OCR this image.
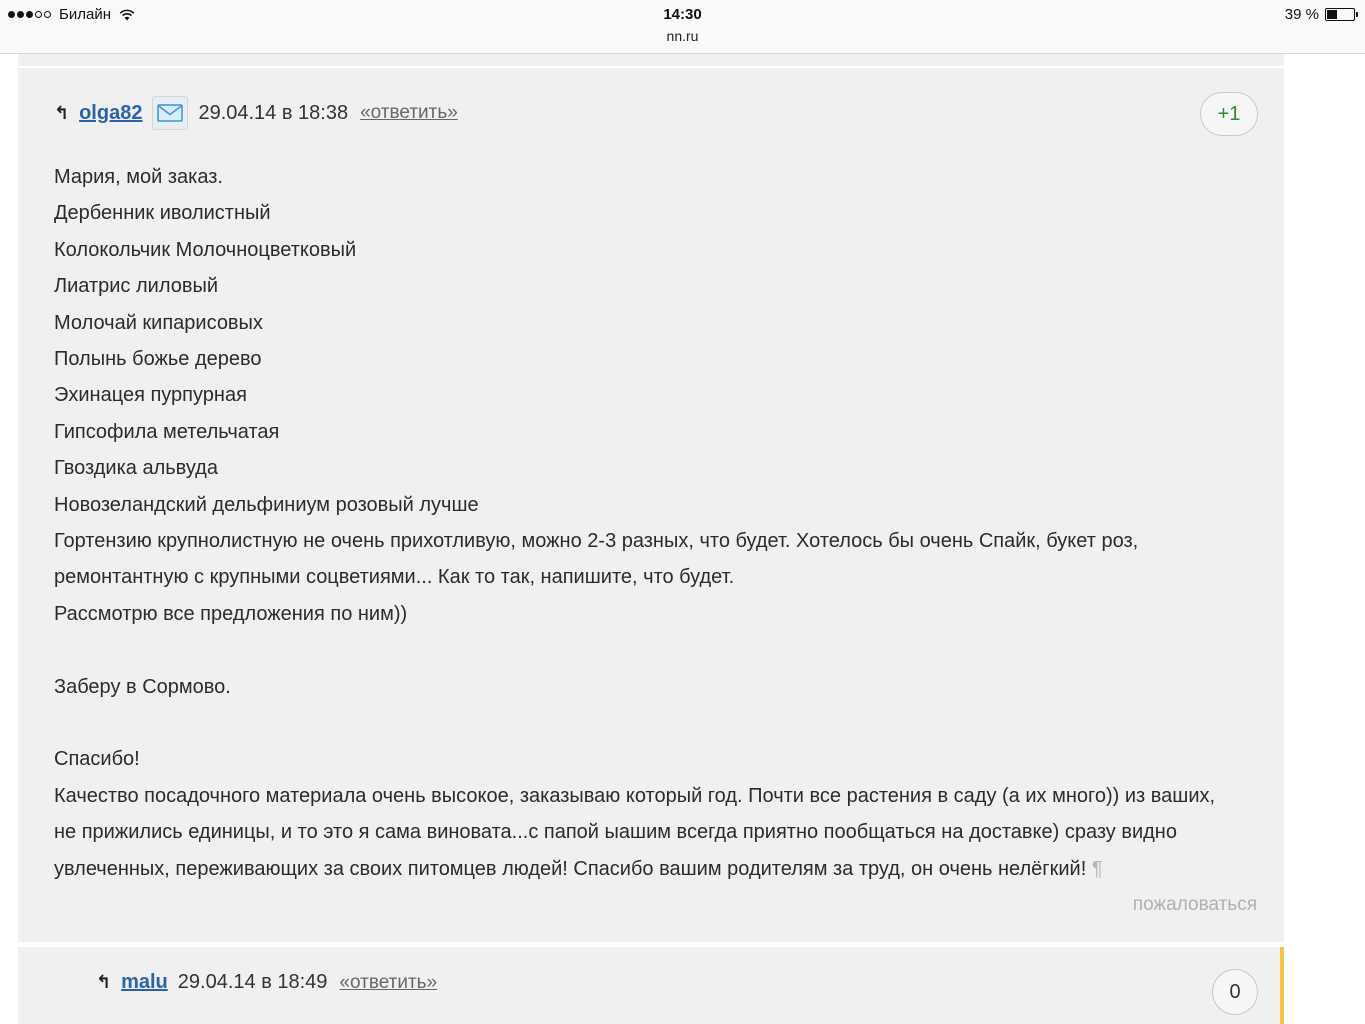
Билайн	14:30
nn.ru
39 %
↰ olga82	29.04.14 в 18:38 «ответить»	+1
Мария, мой заказ.
Дербенник иволистный
Колокольчик Молочноцветковый
Лиатрис лиловый
Молочай кипарисовых
Полынь божье дерево
Эхинацея пурпурная
Гипсофила метельчатая
Гвоздика альвуда
Новозеландский дельфиниум розовый лучше
Гортензию крупнолистную не очень прихотливую, можно 2-3 разных, что будет. Хотелось бы очень Спайк, букет роз,
ремонтантную с крупными соцветиями... Как то так, напишите, что будет.
Рассмотрю все предложения по ним))
Заберу в Сормово.
Спасибо!
Качество посадочного материала очень высокое, заказываю который год. Почти все растения в саду (а их много)) из ваших,
не прижились единицы, и то это я сама виновата...с папой ыашим всегда приятно пообщаться на доставке) сразу видно
увлеченных, переживающих за своих питомцев людей! Спасибо вашим родителям за труд, он очень нелёгкий! ¶
пожаловаться
↰ malu 29.04.14 в 18:49 «ответить»	0
